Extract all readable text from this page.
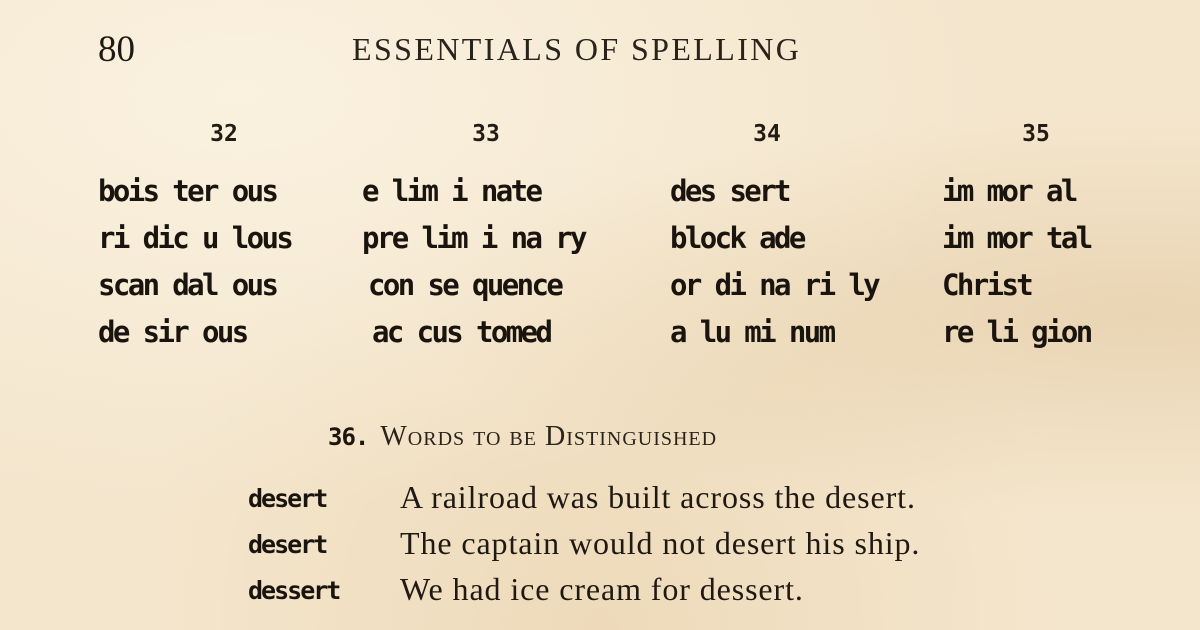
80	ESSENTIALS OF SPELLING
32
bois ter ous
ri dic u lous
scan dal ous
de sir ous
33
e lim i nate
pre lim i na ry
con se quence
ac cus tomed
34
des sert
block ade
or di na ri ly
a lu mi num
35
im mor al
im mor tal
Christ
re li gion
36. Words to be Distinguished
desert
desert
dessert
A railroad was built across the desert.
The captain would not desert his ship.
We had ice cream for dessert.
